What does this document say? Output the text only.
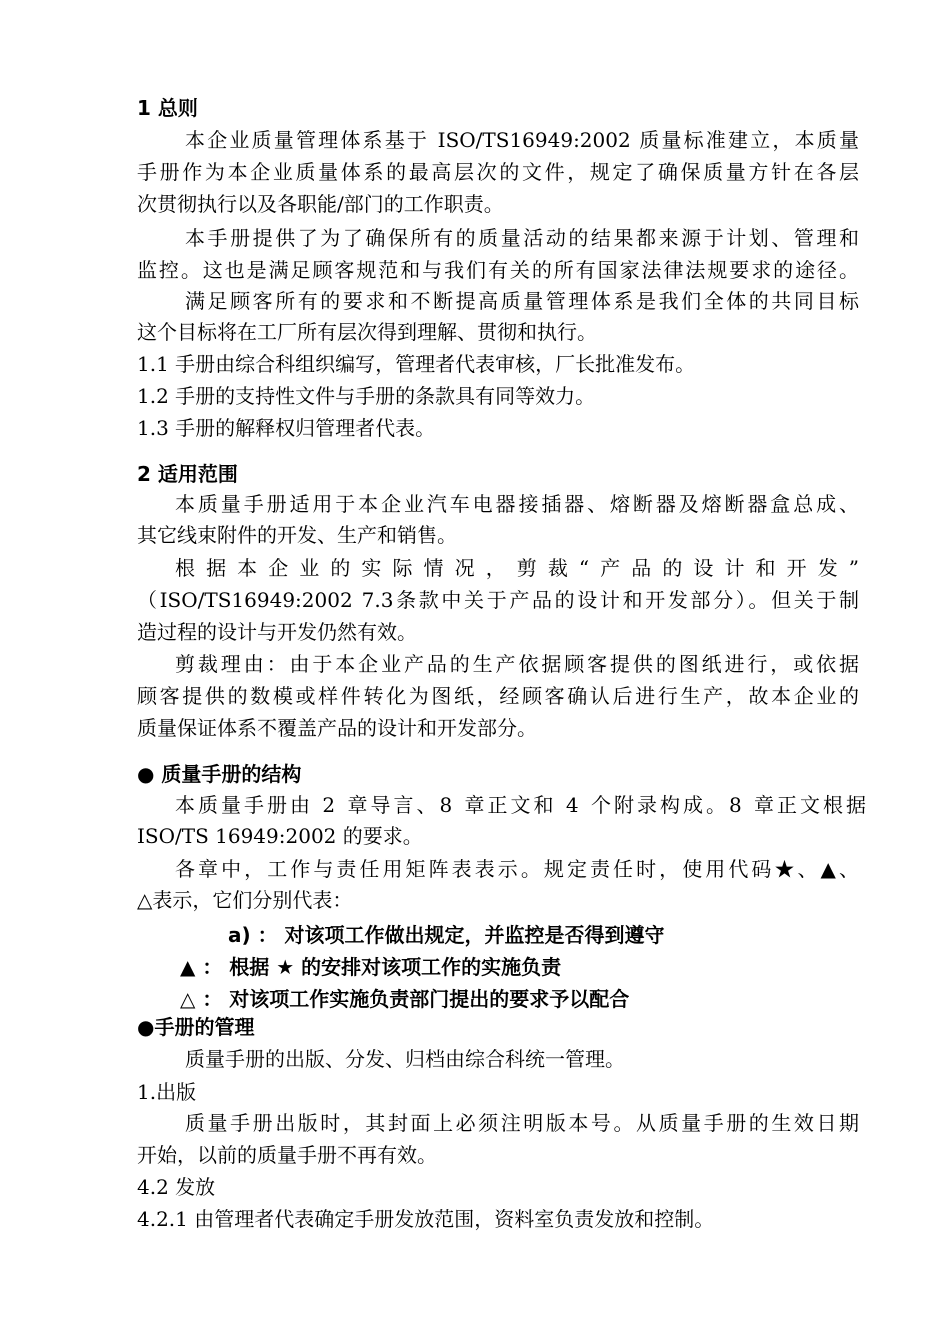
1 总则

本企业质量管理体系基于 ISO/TS16949:2002 质量标准建立，本质量

手册作为本企业质量体系的最高层次的文件，规定了确保质量方针在各层

次贯彻执行以及各职能/部门的工作职责。

本手册提供了为了确保所有的质量活动的结果都来源于计划、管理和

监控。这也是满足顾客规范和与我们有关的所有国家法律法规要求的途径。

满足顾客所有的要求和不断提高质量管理体系是我们全体的共同目标

这个目标将在工厂所有层次得到理解、贯彻和执行。

1.1 手册由综合科组织编写，管理者代表审核，厂长批准发布。

1.2 手册的支持性文件与手册的条款具有同等效力。

1.3 手册的解释权归管理者代表。

2 适用范围

本质量手册适用于本企业汽车电器接插器、熔断器及熔断器盒总成、

其它线束附件的开发、生产和销售。

根据本企业的实际情况，剪裁“产品的设计和开发”

（ISO/TS16949:2002 7.3条款中关于产品的设计和开发部分）。但关于制

造过程的设计与开发仍然有效。

剪裁理由：由于本企业产品的生产依据顾客提供的图纸进行，或依据

顾客提供的数模或样件转化为图纸，经顾客确认后进行生产，故本企业的

质量保证体系不覆盖产品的设计和开发部分。

● 质量手册的结构

本质量手册由 2 章导言、8 章正文和 4 个附录构成。8 章正文根据

ISO/TS 16949:2002 的要求。

各章中，工作与责任用矩阵表表示。规定责任时，使用代码★、▲、

△表示，它们分别代表：

a) ： 对该项工作做出规定，并监控是否得到遵守

▲ ： 根据 ★ 的安排对该项工作的实施负责

△ ： 对该项工作实施负责部门提出的要求予以配合

●手册的管理

质量手册的出版、分发、归档由综合科统一管理。

1.出版

质量手册出版时，其封面上必须注明版本号。从质量手册的生效日期

开始，以前的质量手册不再有效。

4.2 发放

4.2.1 由管理者代表确定手册发放范围，资料室负责发放和控制。
